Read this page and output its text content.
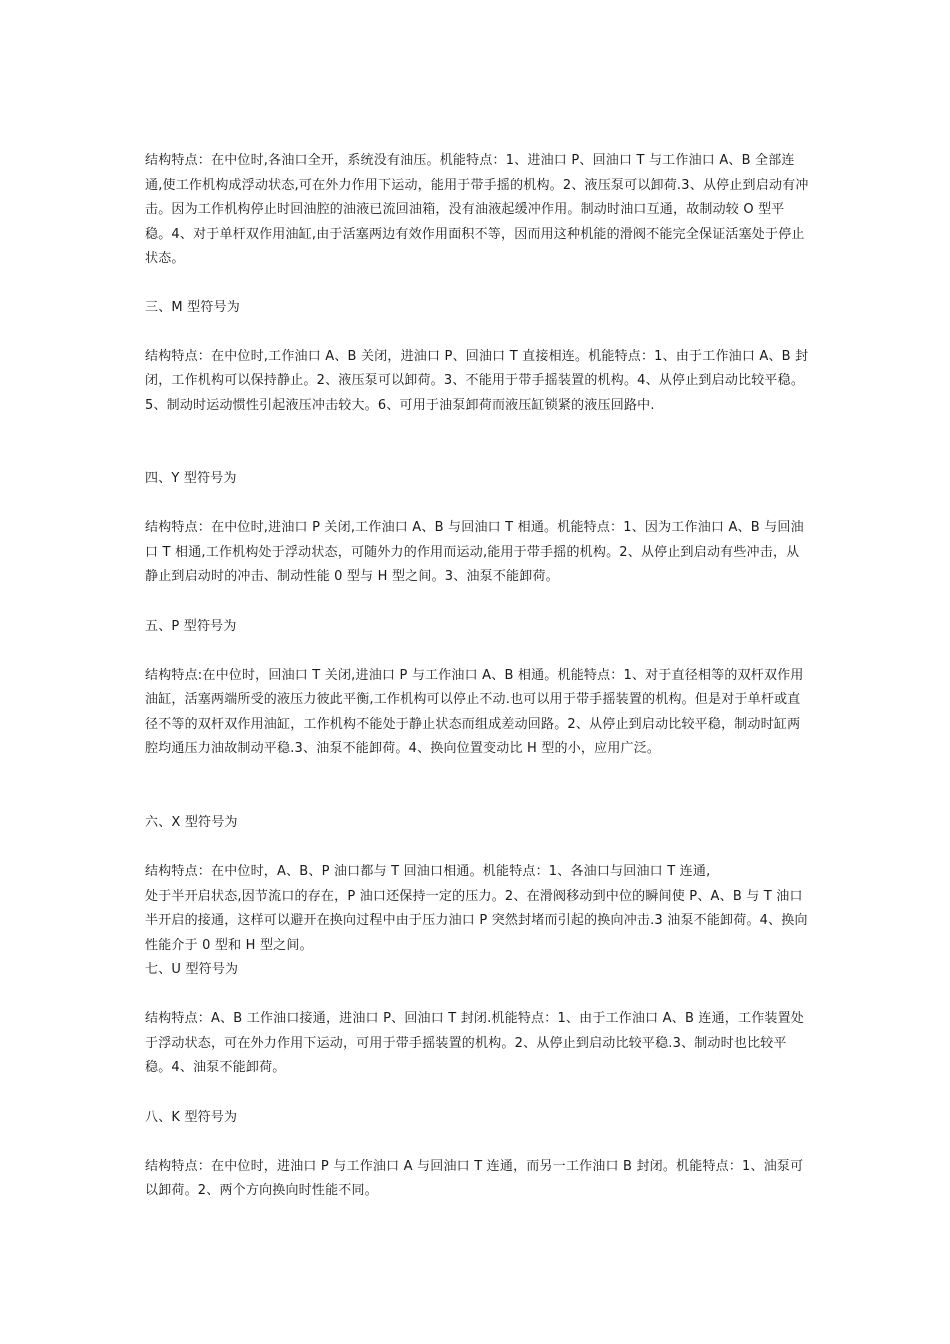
结构特点：在中位时,各油口全开，系统没有油压。机能特点：1、进油口 P、回油口 T 与工作油口 A、B 全部连通,使工作机构成浮动状态,可在外力作用下运动，能用于带手摇的机构。2、液压泵可以卸荷.3、从停止到启动有冲击。因为工作机构停止时回油腔的油液已流回油箱，没有油液起缓冲作用。制动时油口互通，故制动较 O 型平稳。4、对于单杆双作用油缸,由于活塞两边有效作用面积不等，因而用这种机能的滑阀不能完全保证活塞处于停止状态。

三、M 型符号为

结构特点：在中位时,工作油口 A、B 关闭，进油口 P、回油口 T 直接相连。机能特点：1、由于工作油口 A、B 封闭，工作机构可以保持静止。2、液压泵可以卸荷。3、不能用于带手摇装置的机构。4、从停止到启动比较平稳。5、制动时运动惯性引起液压冲击较大。6、可用于油泵卸荷而液压缸锁紧的液压回路中.

四、Y 型符号为

结构特点：在中位时,进油口 P 关闭,工作油口 A、B 与回油口 T 相通。机能特点：1、因为工作油口 A、B 与回油口 T 相通,工作机构处于浮动状态，可随外力的作用而运动,能用于带手摇的机构。2、从停止到启动有些冲击，从静止到启动时的冲击、制动性能 0 型与 H 型之间。3、油泵不能卸荷。

五、P 型符号为

结构特点:在中位时，回油口 T 关闭,进油口 P 与工作油口 A、B 相通。机能特点：1、对于直径相等的双杆双作用油缸，活塞两端所受的液压力彼此平衡,工作机构可以停止不动.也可以用于带手摇装置的机构。但是对于单杆或直径不等的双杆双作用油缸，工作机构不能处于静止状态而组成差动回路。2、从停止到启动比较平稳，制动时缸两腔均通压力油故制动平稳.3、油泵不能卸荷。4、换向位置变动比 H 型的小，应用广泛。

六、X 型符号为

结构特点：在中位时，A、B、P 油口都与 T 回油口相通。机能特点：1、各油口与回油口 T 连通,
处于半开启状态,因节流口的存在，P 油口还保持一定的压力。2、在滑阀移动到中位的瞬间使 P、A、B 与 T 油口半开启的接通，这样可以避开在换向过程中由于压力油口 P 突然封堵而引起的换向冲击.3 油泵不能卸荷。4、换向性能介于 0 型和 H 型之间。

七、U 型符号为

结构特点：A、B 工作油口接通，进油口 P、回油口 T 封闭.机能特点：1、由于工作油口 A、B 连通，工作装置处于浮动状态，可在外力作用下运动，可用于带手摇装置的机构。2、从停止到启动比较平稳.3、制动时也比较平稳。4、油泵不能卸荷。

八、K 型符号为

结构特点：在中位时，进油口 P 与工作油口 A 与回油口 T 连通，而另一工作油口 B 封闭。机能特点：1、油泵可以卸荷。2、两个方向换向时性能不同。
